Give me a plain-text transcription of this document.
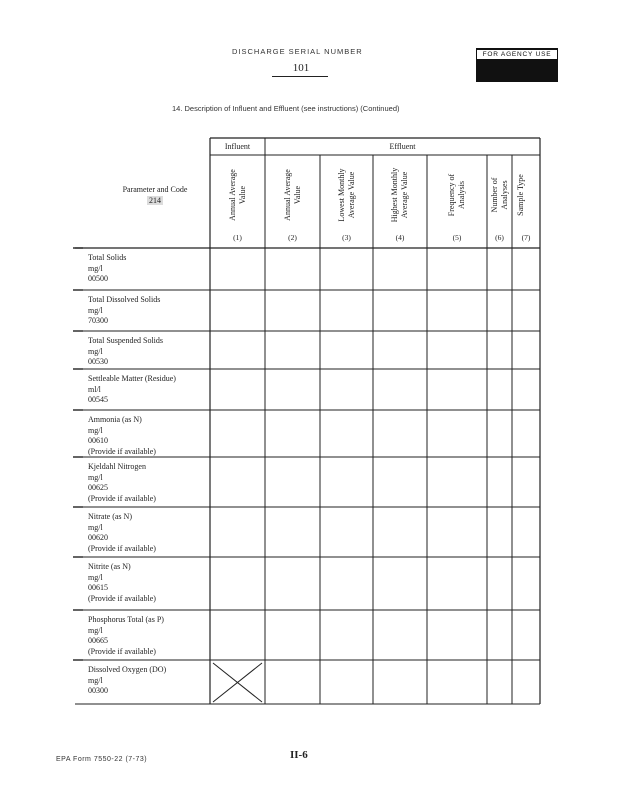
DISCHARGE SERIAL NUMBER
101
FOR AGENCY USE
14. Description of Influent and Effluent (see instructions) (Continued)
Parameter and Code
214
Influent	Effluent
Annual Average Value
(1)
Annual Average Value
(2)
Lowest Monthly Average Value
(3)
Highest Monthly Average Value
(4)
Frequency of Analysis
(5)
Number of Analyses
(6)
Sample Type
(7)
Total Solids
mg/l
00500
Total Dissolved Solids
mg/l
70300
Total Suspended Solids
mg/l
00530
Settleable Matter (Residue)
ml/l
00545
Ammonia (as N)
mg/l
00610
(Provide if available)
Kjeldahl Nitrogen
mg/l
00625
(Provide if available)
Nitrate (as N)
mg/l
00620
(Provide if available)
Nitrite (as N)
mg/l
00615
(Provide if available)
Phosphorus Total (as P)
mg/l
00665
(Provide if available)
Dissolved Oxygen (DO)
mg/l
00300
EPA Form 7550-22 (7-73)	II-6
